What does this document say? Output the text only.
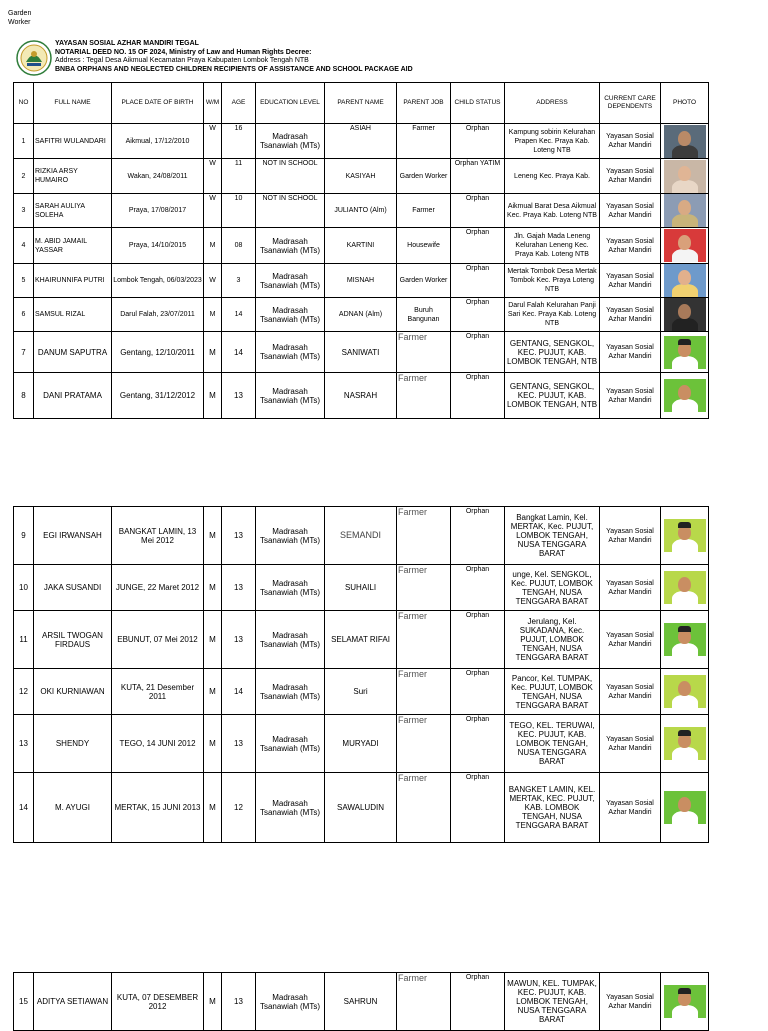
Garden
Worker
YAYASAN SOSIAL AZHAR MANDIRI TEGAL
NOTARIAL DEED NO. 15 OF 2024, Ministry of Law and Human Rights Decree:
Address : Tegal Desa Aikmual Kecamatan Praya Kabupaten Lombok Tengah NTB
BNBA ORPHANS AND NEGLECTED CHILDREN RECIPIENTS OF ASSISTANCE AND SCHOOL PACKAGE AID
NO	FULL NAME	PLACE DATE OF BIRTH	W/M	AGE	EDUCATION LEVEL	PARENT NAME	PARENT JOB	CHILD STATUS	ADDRESS	CURRENT CARE DEPENDENTS	PHOTO
1	SAFITRI WULANDARI	Aikmual, 17/12/2010	W	16	Madrasah Tsanawiah (MTs)	ASIAH	Farmer	Orphan	Kampung sobirin Kelurahan Prapen Kec. Praya Kab. Loteng NTB	Yayasan Sosial Azhar Mandiri	

2	RIZKIA ARSY HUMAIRO	Wakan, 24/08/2011	W	11	NOT IN SCHOOL	KASIYAH	Garden Worker	Orphan YATIM	Leneng Kec. Praya Kab.	Yayasan Sosial Azhar Mandiri	

3	SARAH AULIYA SOLEHA	Praya, 17/08/2017	W	10	NOT IN SCHOOL	JULIANTO (Alm)	Farmer	Orphan	Aikmual Barat Desa Aikmual Kec. Praya Kab. Loteng NTB	Yayasan Sosial Azhar Mandiri	

4	M. ABID JAMAIL YASSAR	Praya, 14/10/2015	M	08	Madrasah Tsanawiah (MTs)	KARTINI	Housewife	Orphan	Jln. Gajah Mada Leneng Kelurahan Leneng Kec. Praya Kab. Loteng NTB	Yayasan Sosial Azhar Mandiri	

5	KHAIRUNNIFA PUTRI	Lombok Tengah, 06/03/2023	W	3	Madrasah Tsanawiah (MTs)	MISNAH	Garden Worker	Orphan	Mertak Tombok Desa Mertak Tombok Kec. Praya Loteng NTB	Yayasan Sosial Azhar Mandiri	

6	SAMSUL RIZAL	Darul Falah, 23/07/2011	M	14	Madrasah Tsanawiah (MTs)	ADNAN (Alm)	Buruh Bangunan	Orphan	Darul Falah Kelurahan Panji Sari Kec. Praya Kab. Loteng NTB	Yayasan Sosial Azhar Mandiri	

7	DANUM SAPUTRA	Gentang, 12/10/2011	M	14	Madrasah Tsanawiah (MTs)	SANIWATI	Farmer	Orphan	GENTANG, SENGKOL, KEC. PUJUT, KAB. LOMBOK TENGAH, NTB	Yayasan Sosial Azhar Mandiri	

8	DANI PRATAMA	Gentang, 31/12/2012	M	13	Madrasah Tsanawiah (MTs)	NASRAH	Farmer	Orphan	GENTANG, SENGKOL, KEC. PUJUT, KAB. LOMBOK TENGAH, NTB	Yayasan Sosial Azhar Mandiri	
9	EGI IRWANSAH	BANGKAT LAMIN, 13 Mei 2012	M	13	Madrasah Tsanawiah (MTs)	SEMANDI	Farmer	Orphan	Bangkat Lamin, Kel. MERTAK, Kec. PUJUT, LOMBOK TENGAH, NUSA TENGGARA BARAT	Yayasan Sosial Azhar Mandiri	

10	JAKA SUSANDI	JUNGE, 22 Maret 2012	M	13	Madrasah Tsanawiah (MTs)	SUHAILI	Farmer	Orphan	unge, Kel. SENGKOL, Kec. PUJUT, LOMBOK TENGAH, NUSA TENGGARA BARAT	Yayasan Sosial Azhar Mandiri	

11	ARSIL TWOGAN FIRDAUS	EBUNUT, 07 Mei 2012	M	13	Madrasah Tsanawiah (MTs)	SELAMAT RIFAI	Farmer	Orphan	Jerulang, Kel. SUKADANA, Kec. PUJUT, LOMBOK TENGAH, NUSA TENGGARA BARAT	Yayasan Sosial Azhar Mandiri	

12	OKI KURNIAWAN	KUTA, 21 Desember 2011	M	14	Madrasah Tsanawiah (MTs)	Suri	Farmer	Orphan	Pancor, Kel. TUMPAK, Kec. PUJUT, LOMBOK TENGAH, NUSA TENGGARA BARAT	Yayasan Sosial Azhar Mandiri	

13	SHENDY	TEGO, 14 JUNI 2012	M	13	Madrasah Tsanawiah (MTs)	MURYADI	Farmer	Orphan	TEGO, KEL. TERUWAI, KEC. PUJUT, KAB. LOMBOK TENGAH, NUSA TENGGARA BARAT	Yayasan Sosial Azhar Mandiri	

14	M. AYUGI	MERTAK, 15 JUNI 2013	M	12	Madrasah Tsanawiah (MTs)	SAWALUDIN	Farmer	Orphan	BANGKET LAMIN, KEL. MERTAK, KEC. PUJUT, KAB. LOMBOK TENGAH, NUSA TENGGARA BARAT	Yayasan Sosial Azhar Mandiri	
15	ADITYA SETIAWAN	KUTA, 07 DESEMBER 2012	M	13	Madrasah Tsanawiah (MTs)	SAHRUN	Farmer	Orphan	MAWUN, KEL. TUMPAK, KEC. PUJUT, KAB. LOMBOK TENGAH, NUSA TENGGARA BARAT	Yayasan Sosial Azhar Mandiri	
